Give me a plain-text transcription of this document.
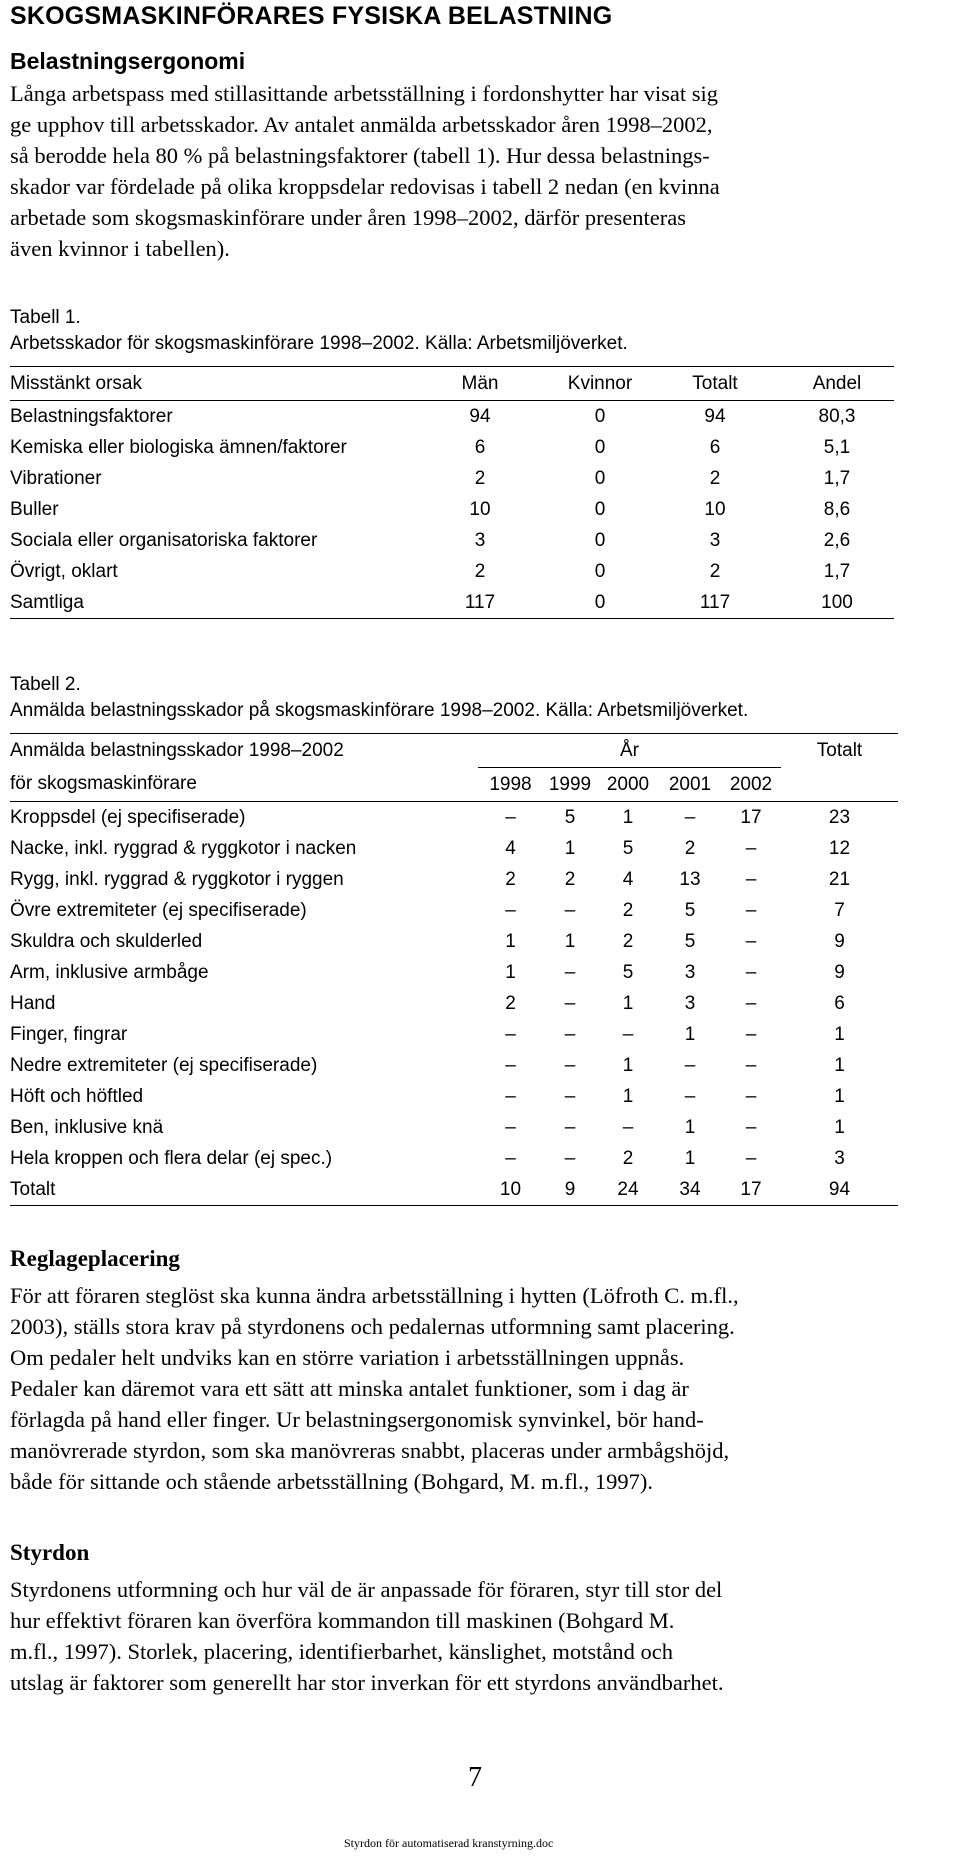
SKOGSMASKINFÖRARES FYSISKA BELASTNING
Belastningsergonomi
Långa arbetspass med stillasittande arbetsställning i fordonshytter har visat sig
ge upphov till arbetsskador. Av antalet anmälda arbetsskador åren 1998–2002,
så berodde hela 80 % på belastningsfaktorer (tabell 1). Hur dessa belastnings-
skador var fördelade på olika kroppsdelar redovisas i tabell 2 nedan (en kvinna
arbetade som skogsmaskinförare under åren 1998–2002, därför presenteras
även kvinnor i tabellen).
Tabell 1.
Arbetsskador för skogsmaskinförare 1998–2002. Källa: Arbetsmiljöverket.
Misstänkt orsak	Män	Kvinnor	Totalt	Andel
Belastningsfaktorer	94	0	94	80,3
Kemiska eller biologiska ämnen/faktorer	6	0	6	5,1
Vibrationer	2	0	2	1,7
Buller	10	0	10	8,6
Sociala eller organisatoriska faktorer	3	0	3	2,6
Övrigt, oklart	2	0	2	1,7
Samtliga	117	0	117	100
Tabell 2.
Anmälda belastningsskador på skogsmaskinförare 1998–2002. Källa: Arbetsmiljöverket.
Anmälda belastningsskador 1998–2002	År					Totalt
för skogsmaskinförare	1998	1999	2000	2001	2002	
Kroppsdel (ej specifiserade)	–	5	1	–	17	23
Nacke, inkl. ryggrad & ryggkotor i nacken	4	1	5	2	–	12
Rygg, inkl. ryggrad & ryggkotor i ryggen	2	2	4	13	–	21
Övre extremiteter (ej specifiserade)	–	–	2	5	–	7
Skuldra och skulderled	1	1	2	5	–	9
Arm, inklusive armbåge	1	–	5	3	–	9
Hand	2	–	1	3	–	6
Finger, fingrar	–	–	–	1	–	1
Nedre extremiteter (ej specifiserade)	–	–	1	–	–	1
Höft och höftled	–	–	1	–	–	1
Ben, inklusive knä	–	–	–	1	–	1
Hela kroppen och flera delar (ej spec.)	–	–	2	1	–	3
Totalt	10	9	24	34	17	94
Reglageplacering
För att föraren steglöst ska kunna ändra arbetsställning i hytten (Löfroth C. m.fl.,
2003), ställs stora krav på styrdonens och pedalernas utformning samt placering.
Om pedaler helt undviks kan en större variation i arbetsställningen uppnås.
Pedaler kan däremot vara ett sätt att minska antalet funktioner, som i dag är
förlagda på hand eller finger. Ur belastningsergonomisk synvinkel, bör hand-
manövrerade styrdon, som ska manövreras snabbt, placeras under armbågshöjd,
både för sittande och stående arbetsställning (Bohgard, M. m.fl., 1997).
Styrdon
Styrdonens utformning och hur väl de är anpassade för föraren, styr till stor del
hur effektivt föraren kan överföra kommandon till maskinen (Bohgard M.
m.fl., 1997). Storlek, placering, identifierbarhet, känslighet, motstånd och
utslag är faktorer som generellt har stor inverkan för ett styrdons användbarhet.
7
Styrdon för automatiserad kranstyrning.doc
